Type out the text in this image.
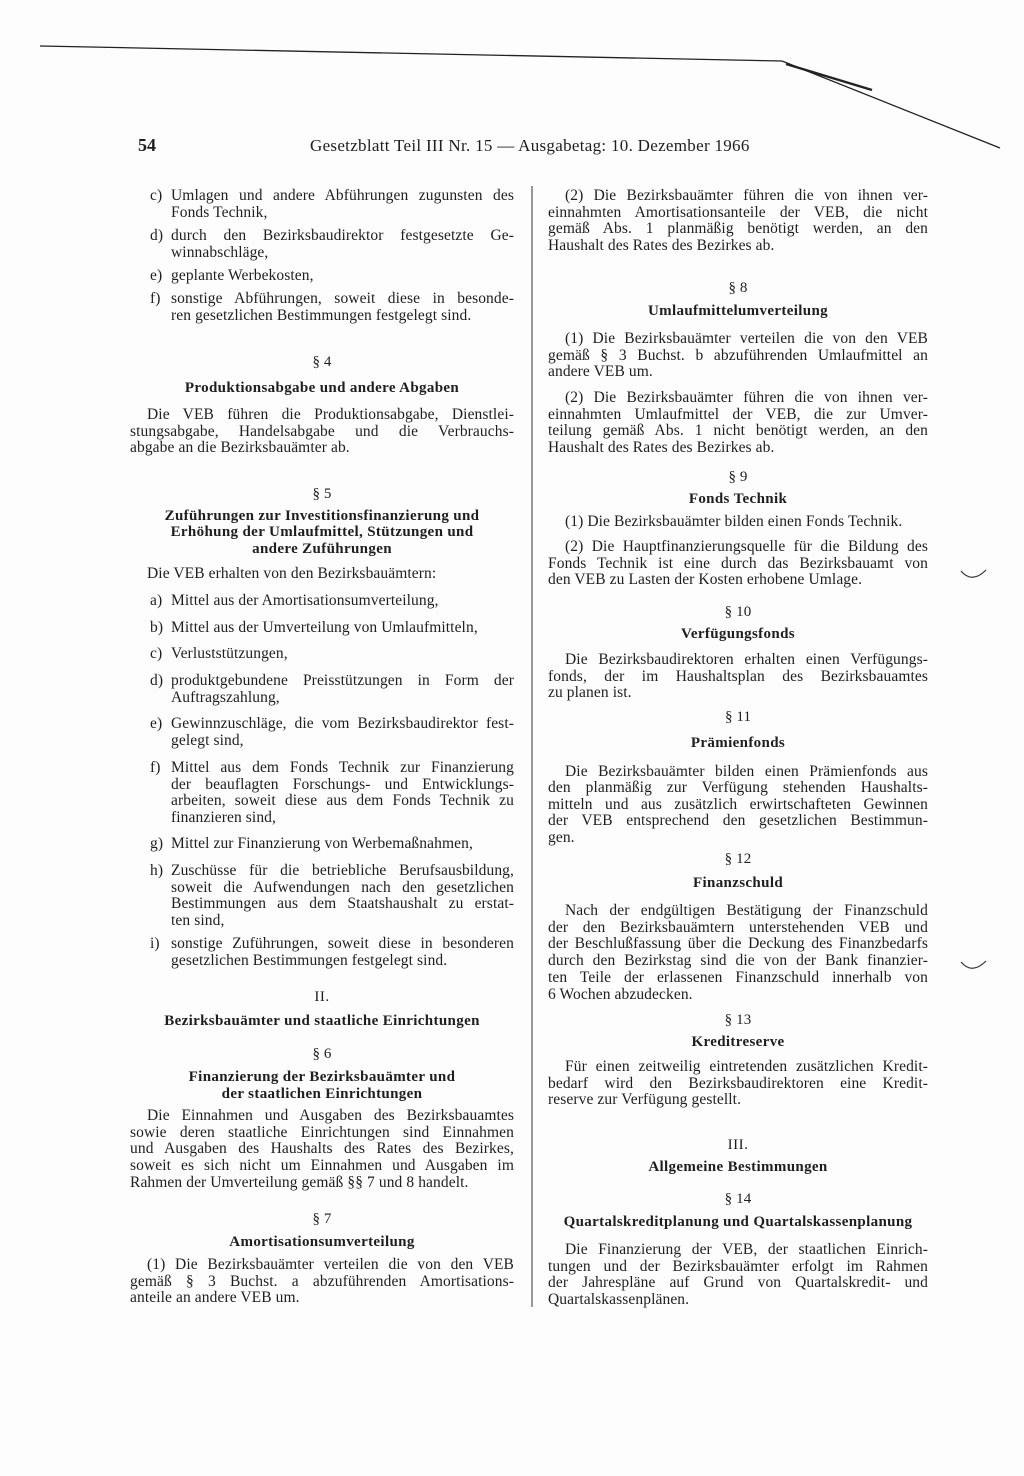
54	Gesetzblatt Teil III Nr. 15 — Ausgabetag: 10. Dezember 1966
c) Umlagen und andere Abführungen zugunsten des
Fonds Technik,
d) durch den Bezirksbaudirektor festgesetzte Ge-
winnabschläge,
e) geplante Werbekosten,
f) sonstige Abführungen, soweit diese in besonde-
ren gesetzlichen Bestimmungen festgelegt sind.
§ 4
Produktionsabgabe und andere Abgaben
Die VEB führen die Produktionsabgabe, Dienstlei-
stungsabgabe, Handelsabgabe und die Verbrauchs-
abgabe an die Bezirksbauämter ab.
§ 5
Zuführungen zur Investitionsfinanzierung und
Erhöhung der Umlaufmittel, Stützungen und
andere Zuführungen
Die VEB erhalten von den Bezirksbauämtern:
a) Mittel aus der Amortisationsumverteilung,
b) Mittel aus der Umverteilung von Umlaufmitteln,
c) Verluststützungen,
d) produktgebundene Preisstützungen in Form der
Auftragszahlung,
e) Gewinnzuschläge, die vom Bezirksbaudirektor fest-
gelegt sind,
f) Mittel aus dem Fonds Technik zur Finanzierung
der beauflagten Forschungs- und Entwicklungs-
arbeiten, soweit diese aus dem Fonds Technik zu
finanzieren sind,
g) Mittel zur Finanzierung von Werbemaßnahmen,
h) Zuschüsse für die betriebliche Berufsausbildung,
soweit die Aufwendungen nach den gesetzlichen
Bestimmungen aus dem Staatshaushalt zu erstat-
ten sind,
i) sonstige Zuführungen, soweit diese in besonderen
gesetzlichen Bestimmungen festgelegt sind.
II.
Bezirksbauämter und staatliche Einrichtungen
§ 6
Finanzierung der Bezirksbauämter und
der staatlichen Einrichtungen
Die Einnahmen und Ausgaben des Bezirksbauamtes
sowie deren staatliche Einrichtungen sind Einnahmen
und Ausgaben des Haushalts des Rates des Bezirkes,
soweit es sich nicht um Einnahmen und Ausgaben im
Rahmen der Umverteilung gemäß §§ 7 und 8 handelt.
§ 7
Amortisationsumverteilung
(1) Die Bezirksbauämter verteilen die von den VEB
gemäß § 3 Buchst. a abzuführenden Amortisations-
anteile an andere VEB um.
(2) Die Bezirksbauämter führen die von ihnen ver-
einnahmten Amortisationsanteile der VEB, die nicht
gemäß Abs. 1 planmäßig benötigt werden, an den
Haushalt des Rates des Bezirkes ab.
§ 8
Umlaufmittelumverteilung
(1) Die Bezirksbauämter verteilen die von den VEB
gemäß § 3 Buchst. b abzuführenden Umlaufmittel an
andere VEB um.
(2) Die Bezirksbauämter führen die von ihnen ver-
einnahmten Umlaufmittel der VEB, die zur Umver-
teilung gemäß Abs. 1 nicht benötigt werden, an den
Haushalt des Rates des Bezirkes ab.
§ 9
Fonds Technik
(1) Die Bezirksbauämter bilden einen Fonds Technik.
(2) Die Hauptfinanzierungsquelle für die Bildung des
Fonds Technik ist eine durch das Bezirksbauamt von
den VEB zu Lasten der Kosten erhobene Umlage.
§ 10
Verfügungsfonds
Die Bezirksbaudirektoren erhalten einen Verfügungs-
fonds, der im Haushaltsplan des Bezirksbauamtes
zu planen ist.
§ 11
Prämienfonds
Die Bezirksbauämter bilden einen Prämienfonds aus
den planmäßig zur Verfügung stehenden Haushalts-
mitteln und aus zusätzlich erwirtschafteten Gewinnen
der VEB entsprechend den gesetzlichen Bestimmun-
gen.
§ 12
Finanzschuld
Nach der endgültigen Bestätigung der Finanzschuld
der den Bezirksbauämtern unterstehenden VEB und
der Beschlußfassung über die Deckung des Finanzbedarfs
durch den Bezirkstag sind die von der Bank finanzier-
ten Teile der erlassenen Finanzschuld innerhalb von
6 Wochen abzudecken.
§ 13
Kreditreserve
Für einen zeitweilig eintretenden zusätzlichen Kredit-
bedarf wird den Bezirksbaudirektoren eine Kredit-
reserve zur Verfügung gestellt.
III.
Allgemeine Bestimmungen
§ 14
Quartalskreditplanung und Quartalskassenplanung
Die Finanzierung der VEB, der staatlichen Einrich-
tungen und der Bezirksbauämter erfolgt im Rahmen
der Jahrespläne auf Grund von Quartalskredit- und
Quartalskassenplänen.
